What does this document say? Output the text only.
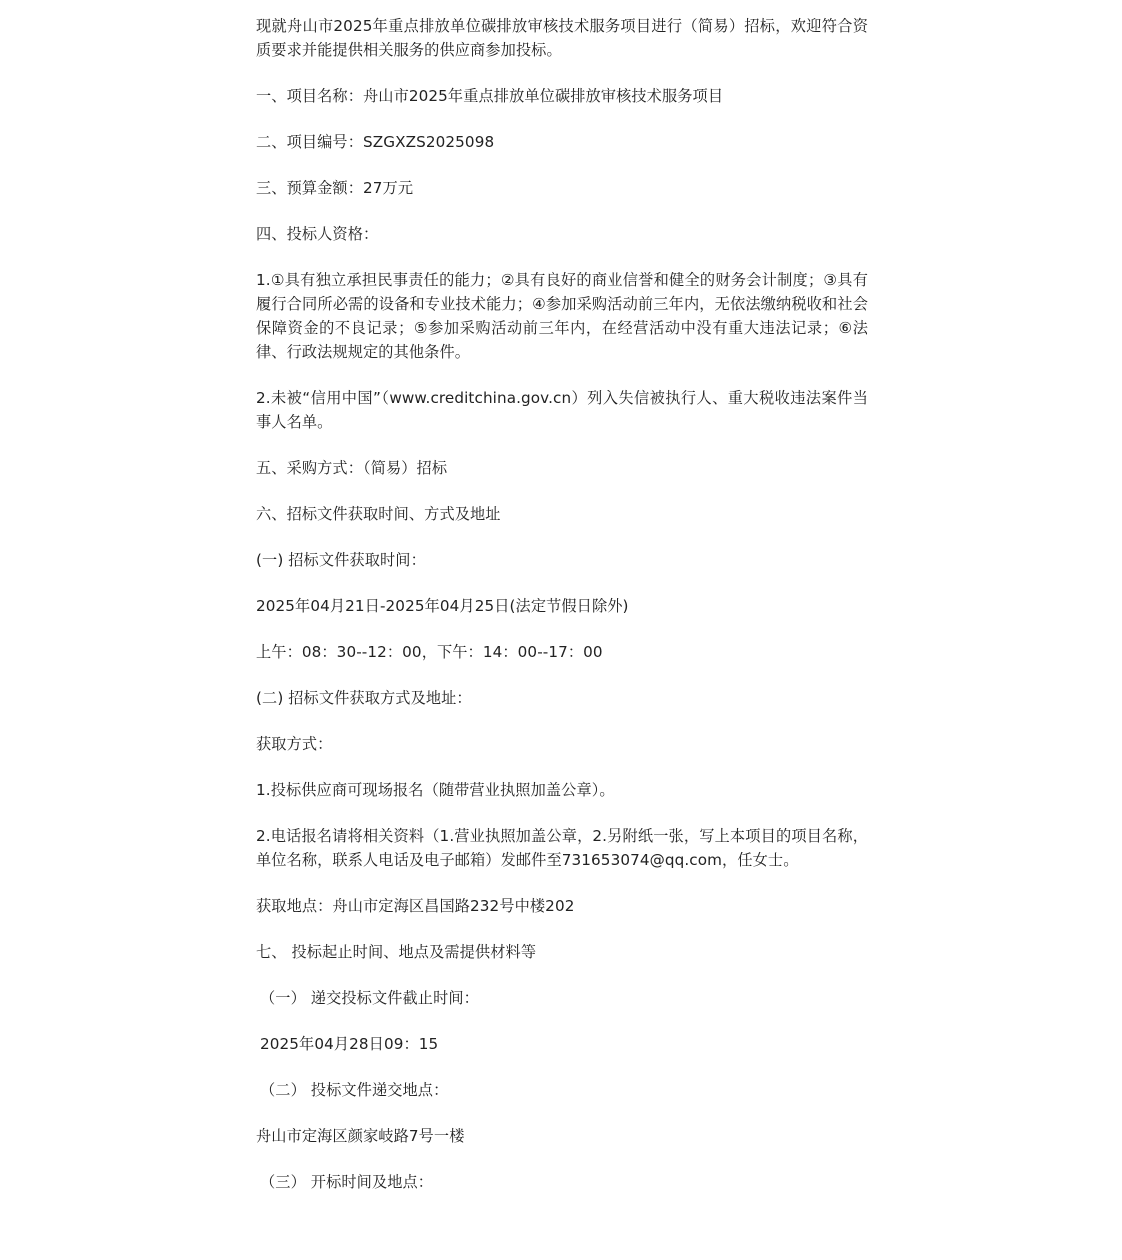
现就舟山市2025年重点排放单位碳排放审核技术服务项目进行（简易）招标，欢迎符合资质要求并能提供相关服务的供应商参加投标。

一、项目名称：舟山市2025年重点排放单位碳排放审核技术服务项目

二、项目编号：SZGXZS2025098

三、预算金额：27万元

四、投标人资格：

1.①具有独立承担民事责任的能力；②具有良好的商业信誉和健全的财务会计制度；③具有履行合同所必需的设备和专业技术能力；④参加采购活动前三年内，无依法缴纳税收和社会保障资金的不良记录；⑤参加采购活动前三年内，在经营活动中没有重大违法记录；⑥法律、行政法规规定的其他条件。

2.未被“信用中国”（www.creditchina.gov.cn）列入失信被执行人、重大税收违法案件当事人名单。

五、采购方式：（简易）招标

六、招标文件获取时间、方式及地址

(一) 招标文件获取时间：

2025年04月21日-2025年04月25日(法定节假日除外)

上午：08：30--12：00，下午：14：00--17：00

(二) 招标文件获取方式及地址：

获取方式：

1.投标供应商可现场报名（随带营业执照加盖公章）。

2.电话报名请将相关资料（1.营业执照加盖公章，2.另附纸一张，写上本项目的项目名称，单位名称，联系人电话及电子邮箱）发邮件至731653074@qq.com，任女士。

获取地点：舟山市定海区昌国路232号中楼202

七、 投标起止时间、地点及需提供材料等

（一） 递交投标文件截止时间：

2025年04月28日09：15

（二） 投标文件递交地点：

舟山市定海区颜家岐路7号一楼

（三） 开标时间及地点：
